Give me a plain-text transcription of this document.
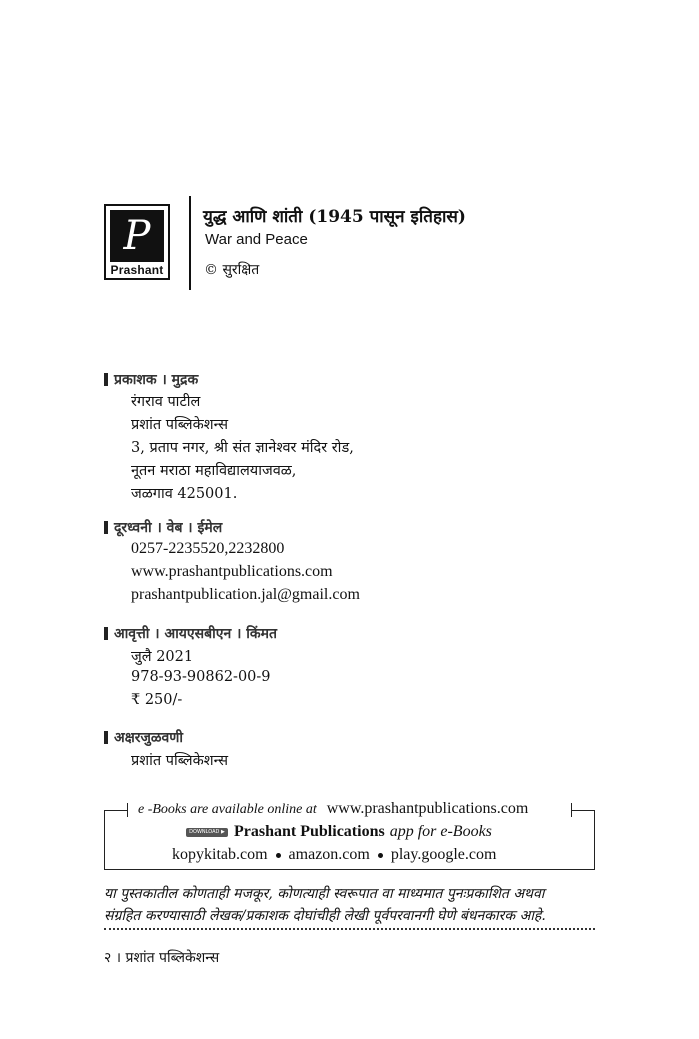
P
Prashant
युद्ध आणि शांती (1945 पासून इतिहास)
War and Peace
© सुरक्षित
प्रकाशक । मुद्रक
रंगराव पाटील
प्रशांत पब्लिकेशन्स
3, प्रताप नगर, श्री संत ज्ञानेश्वर मंदिर रोड,
नूतन मराठा महाविद्यालयाजवळ,
जळगाव 425001.
दूरध्वनी । वेब । ईमेल
0257-2235520,2232800
www.prashantpublications.com
prashantpublication.jal@gmail.com
आवृत्ती । आयएसबीएन । किंमत
जुलै 2021
978-93-90862-00-9
₹ 250/-
अक्षरजुळवणी
प्रशांत पब्लिकेशन्स
e -Books are available online at www.prashantpublications.com
DOWNLOAD ▶ Prashant Publications app for e-Books
kopykitab.com amazon.com play.google.com
या पुस्तकातील कोणताही मजकूर, कोणत्याही स्वरूपात वा माध्यमात पुनःप्रकाशित अथवा
संग्रहित करण्यासाठी लेखक/प्रकाशक दोघांचीही लेखी पूर्वपरवानगी घेणे बंधनकारक आहे.
२ । प्रशांत पब्लिकेशन्स
